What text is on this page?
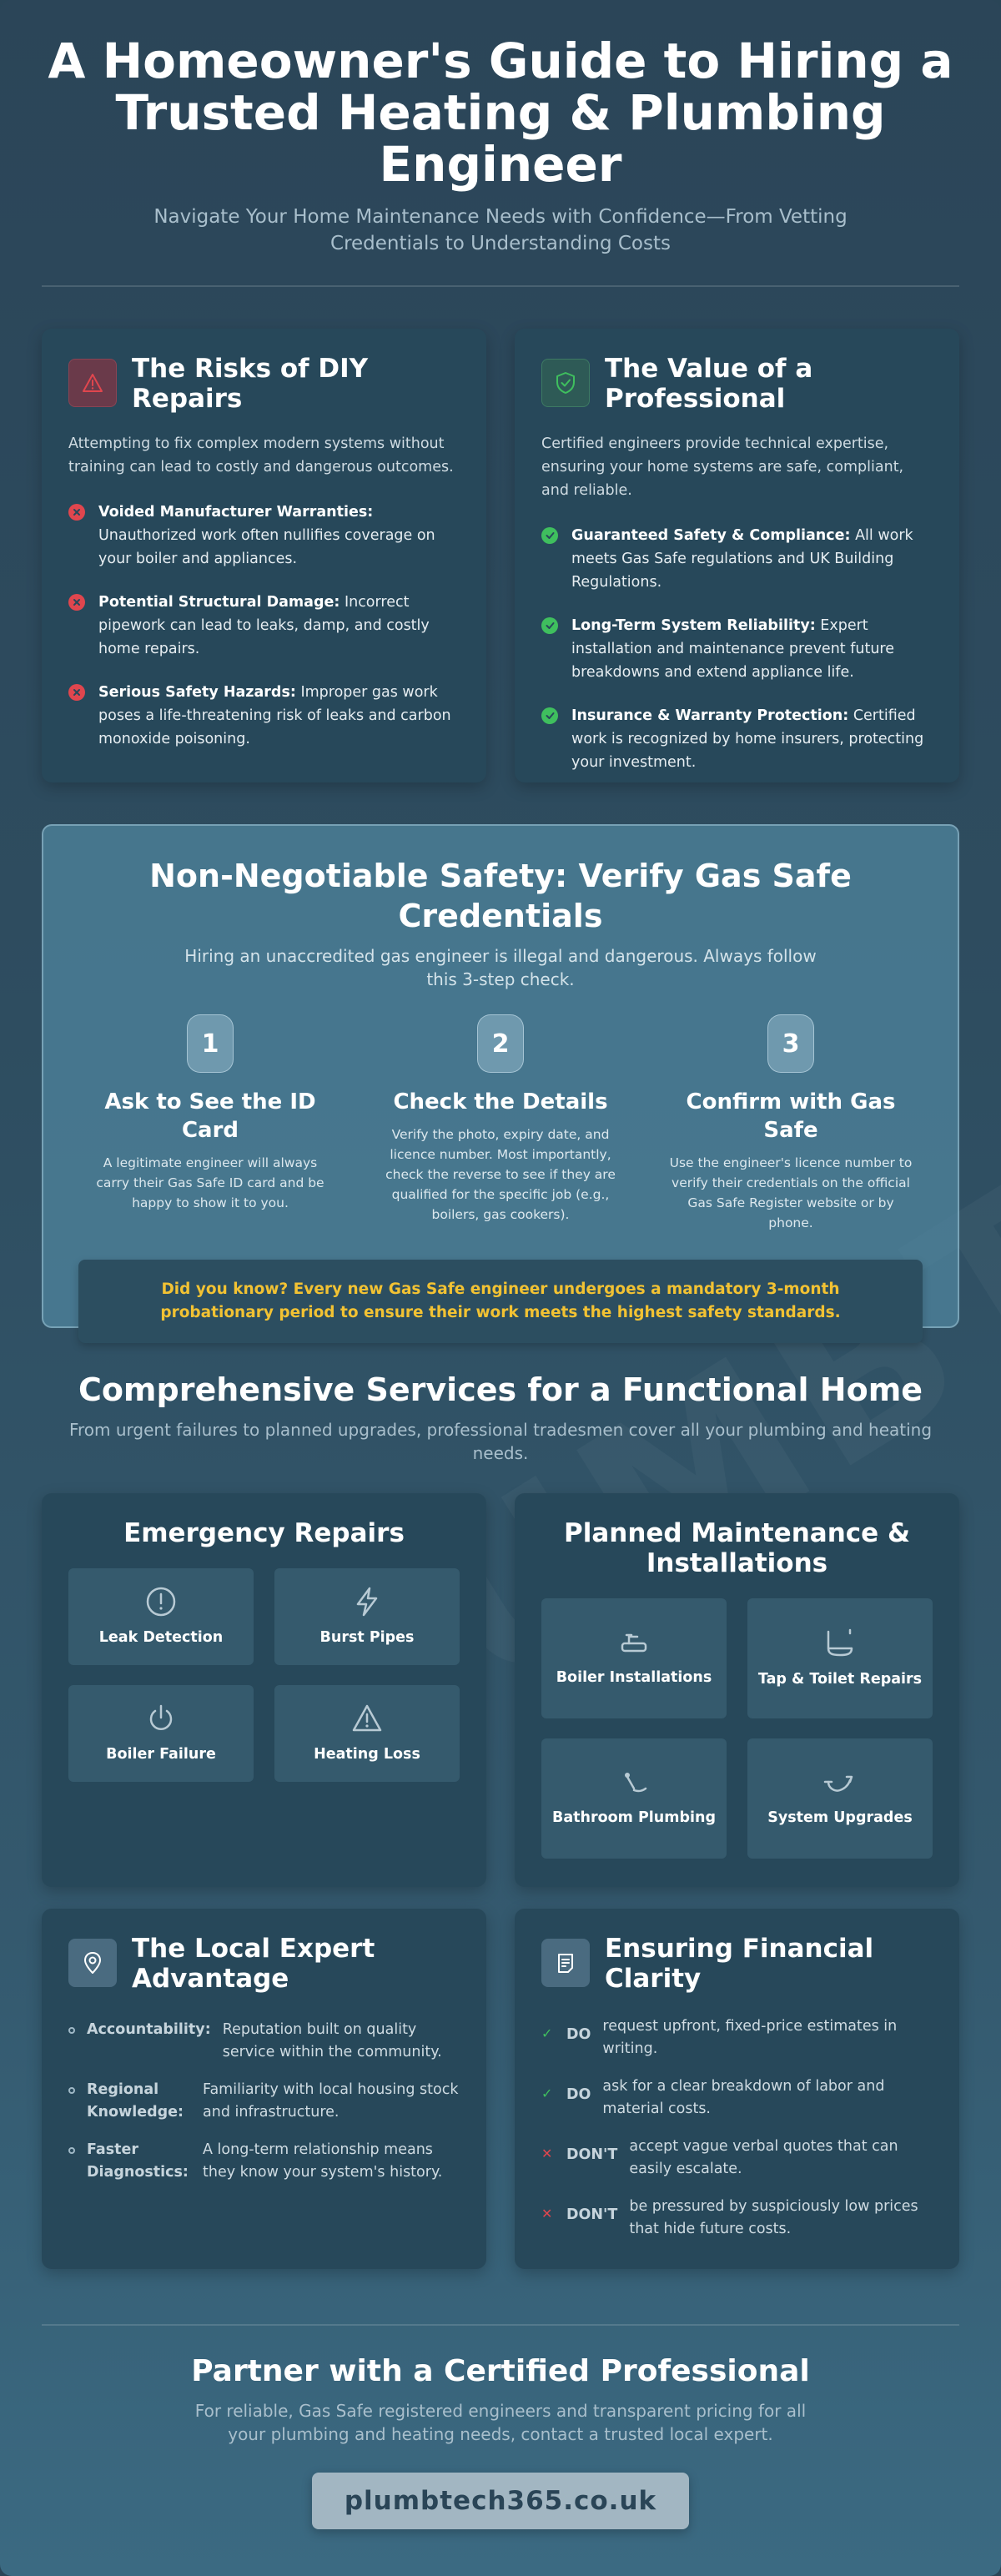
A Homeowner's Guide to Hiring a Trusted Heating & Plumbing Engineer

Navigate Your Home Maintenance Needs with Confidence—From Vetting Credentials to Understanding Costs

The Risks of DIY Repairs

Attempting to fix complex modern systems without training can lead to costly and dangerous outcomes.

Voided Manufacturer Warranties: Unauthorized work often nullifies coverage on your boiler and appliances.
Potential Structural Damage: Incorrect pipework can lead to leaks, damp, and costly home repairs.
Serious Safety Hazards: Improper gas work poses a life-threatening risk of leaks and carbon monoxide poisoning.
The Value of a Professional

Certified engineers provide technical expertise, ensuring your home systems are safe, compliant, and reliable.

Guaranteed Safety & Compliance: All work meets Gas Safe regulations and UK Building Regulations.
Long-Term System Reliability: Expert installation and maintenance prevent future breakdowns and extend appliance life.
Insurance & Warranty Protection: Certified work is recognized by home insurers, protecting your investment.
Non-Negotiable Safety: Verify Gas Safe Credentials

Hiring an unaccredited gas engineer is illegal and dangerous. Always follow this 3-step check.

1
Ask to See the ID Card

A legitimate engineer will always carry their Gas Safe ID card and be happy to show it to you.

2
Check the Details

Verify the photo, expiry date, and licence number. Most importantly, check the reverse to see if they are qualified for the specific job (e.g., boilers, gas cookers).

3
Confirm with Gas Safe

Use the engineer's licence number to verify their credentials on the official Gas Safe Register website or by phone.

Did you know? Every new Gas Safe engineer undergoes a mandatory 3-month probationary period to ensure their work meets the highest safety standards.
Comprehensive Services for a Functional Home

From urgent failures to planned upgrades, professional tradesmen cover all your plumbing and heating needs.

Emergency Repairs
Leak Detection	Burst Pipes
Boiler Failure	Heating Loss
Planned Maintenance & Installations
Boiler Installations	Tap & Toilet Repairs
Bathroom Plumbing	System Upgrades
The Local Expert Advantage
Accountability: Reputation built on quality service within the community.
Regional Knowledge:
Familiarity with local housing stock and infrastructure.
Faster Diagnostics:
A long-term relationship means they know your system's history.
Ensuring Financial Clarity
✓ DO request upfront, fixed-price estimates in writing.
✓ DO ask for a clear breakdown of labor and material costs.
✕ DON'T accept vague verbal quotes that can easily escalate.
✕ DON'T be pressured by suspiciously low prices that hide future costs.
Partner with a Certified Professional

For reliable, Gas Safe registered engineers and transparent pricing for all your plumbing and heating needs, contact a trusted local expert.

plumbtech365.co.uk
